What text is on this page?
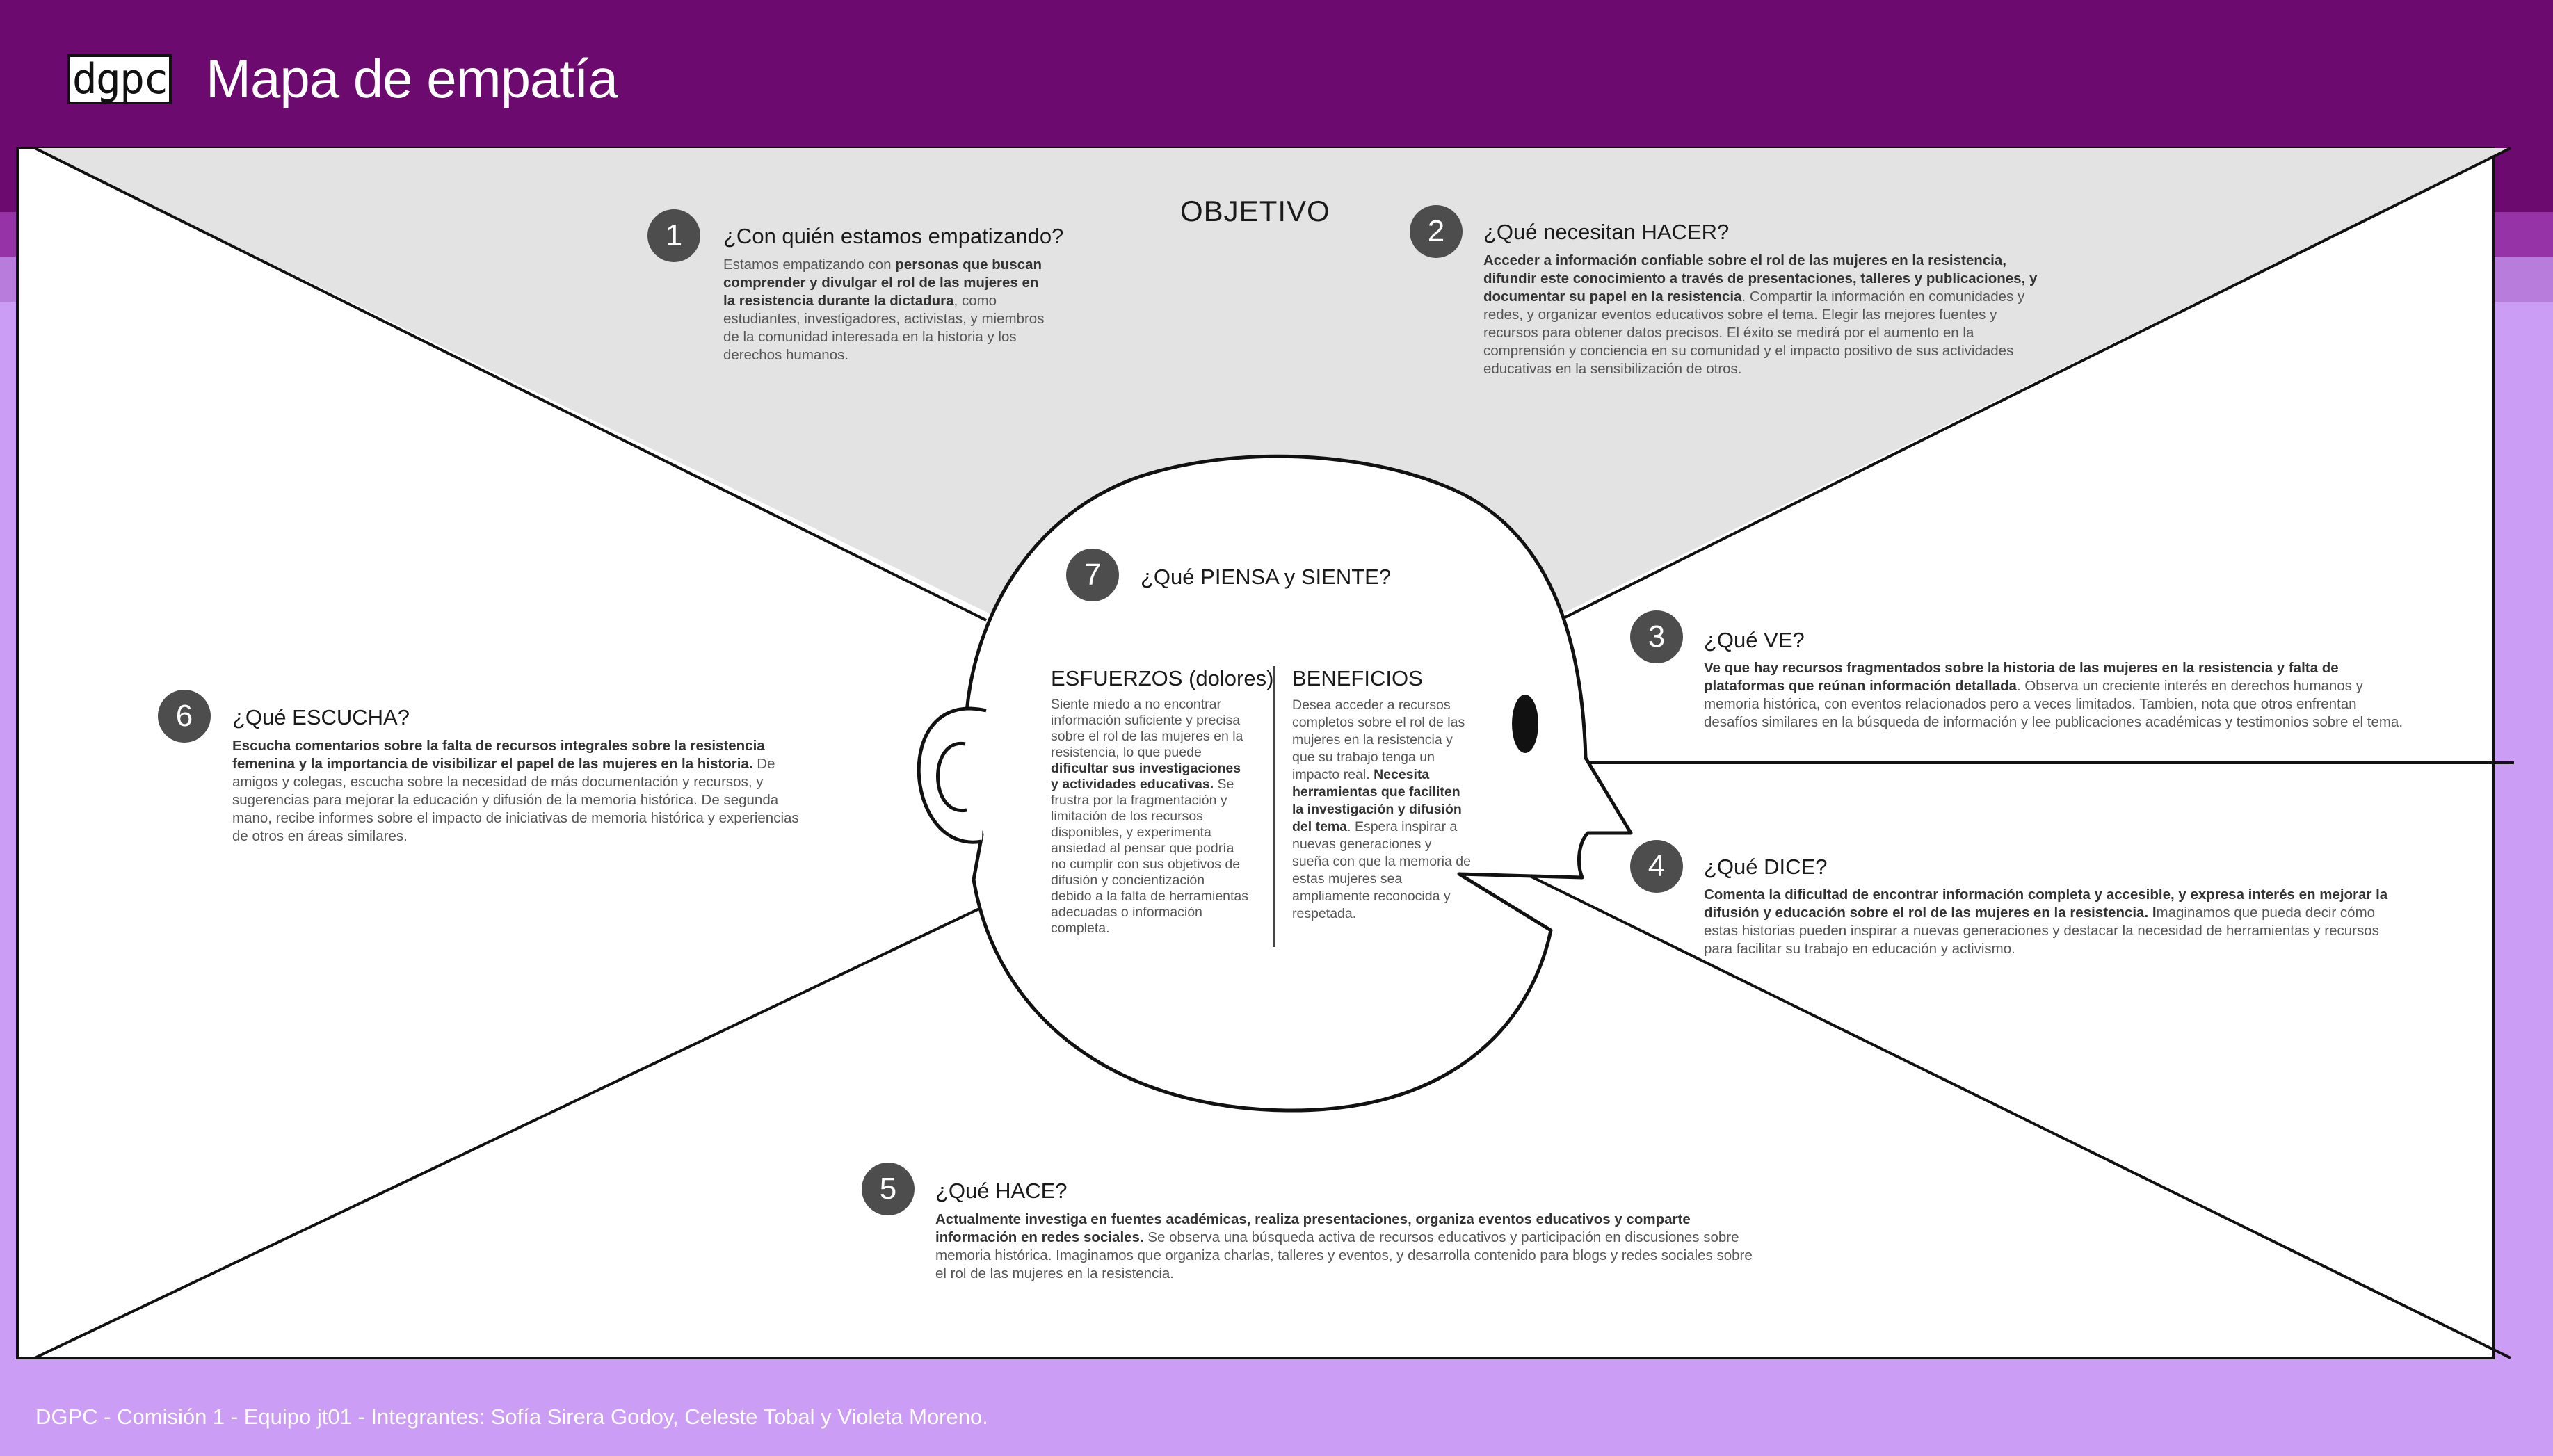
dgpc Mapa de empatía
OBJETIVO
1	¿Con quién estamos empatizando?
Estamos empatizando con personas que buscan comprender y divulgar el rol de las mujeres en la resistencia durante la dictadura, como estudiantes, investigadores, activistas, y miembros de la comunidad interesada en la historia y los derechos humanos.
2	¿Qué necesitan HACER?
Acceder a información confiable sobre el rol de las mujeres en la resistencia, difundir este conocimiento a través de presentaciones, talleres y publicaciones, y documentar su papel en la resistencia. Compartir la información en comunidades y redes, y organizar eventos educativos sobre el tema. Elegir las mejores fuentes y recursos para obtener datos precisos. El éxito se medirá por el aumento en la comprensión y conciencia en su comunidad y el impacto positivo de sus actividades educativas en la sensibilización de otros.
3	¿Qué VE?
Ve que hay recursos fragmentados sobre la historia de las mujeres en la resistencia y falta de plataformas que reúnan información detallada. Observa un creciente interés en derechos humanos y memoria histórica, con eventos relacionados pero a veces limitados. Tambien, nota que otros enfrentan desafíos similares en la búsqueda de información y lee publicaciones académicas y testimonios sobre el tema.
4	¿Qué DICE?
Comenta la dificultad de encontrar información completa y accesible, y expresa interés en mejorar la difusión y educación sobre el rol de las mujeres en la resistencia. Imaginamos que pueda decir cómo estas historias pueden inspirar a nuevas generaciones y destacar la necesidad de herramientas y recursos para facilitar su trabajo en educación y activismo.
5	¿Qué HACE?
Actualmente investiga en fuentes académicas, realiza presentaciones, organiza eventos educativos y comparte información en redes sociales. Se observa una búsqueda activa de recursos educativos y participación en discusiones sobre memoria histórica. Imaginamos que organiza charlas, talleres y eventos, y desarrolla contenido para blogs y redes sociales sobre el rol de las mujeres en la resistencia.
6	¿Qué ESCUCHA?
Escucha comentarios sobre la falta de recursos integrales sobre la resistencia femenina y la importancia de visibilizar el papel de las mujeres en la historia. De amigos y colegas, escucha sobre la necesidad de más documentación y recursos, y sugerencias para mejorar la educación y difusión de la memoria histórica. De segunda mano, recibe informes sobre el impacto de iniciativas de memoria histórica y experiencias de otros en áreas similares.
7	¿Qué PIENSA y SIENTE?
ESFUERZOS (dolores)
Siente miedo a no encontrar información suficiente y precisa sobre el rol de las mujeres en la resistencia, lo que puede dificultar sus investigaciones y actividades educativas. Se frustra por la fragmentación y limitación de los recursos disponibles, y experimenta ansiedad al pensar que podría no cumplir con sus objetivos de difusión y concientización debido a la falta de herramientas adecuadas o información completa.
BENEFICIOS
Desea acceder a recursos completos sobre el rol de las mujeres en la resistencia y que su trabajo tenga un impacto real. Necesita herramientas que faciliten la investigación y difusión del tema. Espera inspirar a nuevas generaciones y sueña con que la memoria de estas mujeres sea ampliamente reconocida y respetada.
DGPC - Comisión 1 - Equipo jt01 - Integrantes: Sofía Sirera Godoy, Celeste Tobal y Violeta Moreno.
